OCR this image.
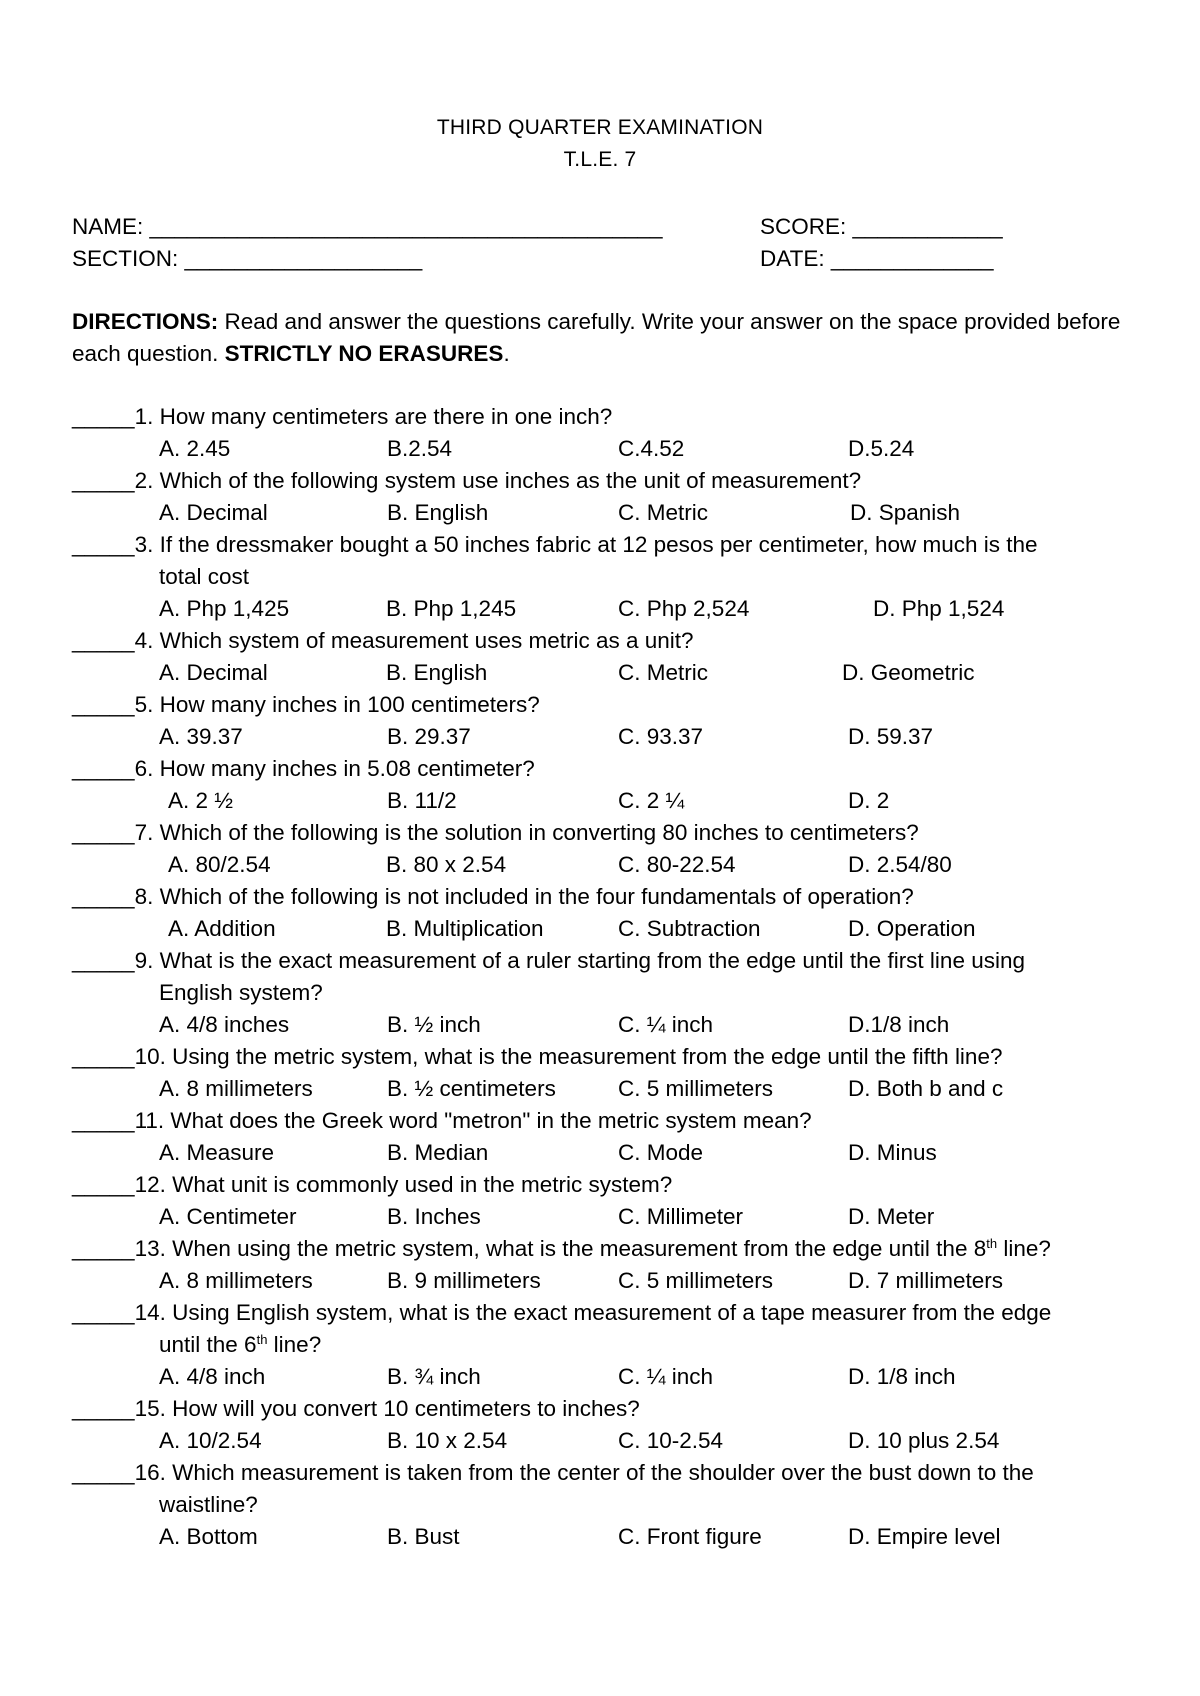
THIRD QUARTER EXAMINATION
T.L.E. 7
NAME: _________________________________________	SCORE: ____________
SECTION: ___________________	DATE: _____________
DIRECTIONS: Read and answer the questions carefully. Write your answer on the space provided before each question. STRICTLY NO ERASURES.
_____1. How many centimeters are there in one inch?
A. 2.45	B.2.54	C.4.52	D.5.24
_____2. Which of the following system use inches as the unit of measurement?
A. Decimal	B. English	C. Metric	D. Spanish
_____3. If the dressmaker bought a 50 inches fabric at 12 pesos per centimeter, how much is the
total cost
A. Php 1,425	B. Php 1,245	C. Php 2,524	D. Php 1,524
_____4. Which system of measurement uses metric as a unit?
A. Decimal	B. English	C. Metric	D. Geometric
_____5. How many inches in 100 centimeters?
A. 39.37	B. 29.37	C. 93.37	D. 59.37
_____6. How many inches in 5.08 centimeter?
A. 2 ½	B. 11/2	C. 2 ¼	D. 2
_____7. Which of the following is the solution in converting 80 inches to centimeters?
A. 80/2.54	B. 80 x 2.54	C. 80-22.54	D. 2.54/80
_____8. Which of the following is not included in the four fundamentals of operation?
A. Addition	B. Multiplication	C. Subtraction	D. Operation
_____9. What is the exact measurement of a ruler starting from the edge until the first line using
English system?
A. 4/8 inches	B. ½ inch	C. ¼ inch	D.1/8 inch
_____10. Using the metric system, what is the measurement from the edge until the fifth line?
A. 8 millimeters	B. ½ centimeters	C. 5 millimeters	D. Both b and c
_____11. What does the Greek word "metron" in the metric system mean?
A. Measure	B. Median	C. Mode	D. Minus
_____12. What unit is commonly used in the metric system?
A. Centimeter	B. Inches	C. Millimeter	D. Meter
_____13. When using the metric system, what is the measurement from the edge until the 8th line?
A. 8 millimeters	B. 9 millimeters	C. 5 millimeters	D. 7 millimeters
_____14. Using English system, what is the exact measurement of a tape measurer from the edge
until the 6th line?
A. 4/8 inch	B. ¾ inch	C. ¼ inch	D. 1/8 inch
_____15. How will you convert 10 centimeters to inches?
A. 10/2.54	B. 10 x 2.54	C. 10-2.54	D. 10 plus 2.54
_____16. Which measurement is taken from the center of the shoulder over the bust down to the
waistline?
A. Bottom	B. Bust	C. Front figure	D. Empire level
